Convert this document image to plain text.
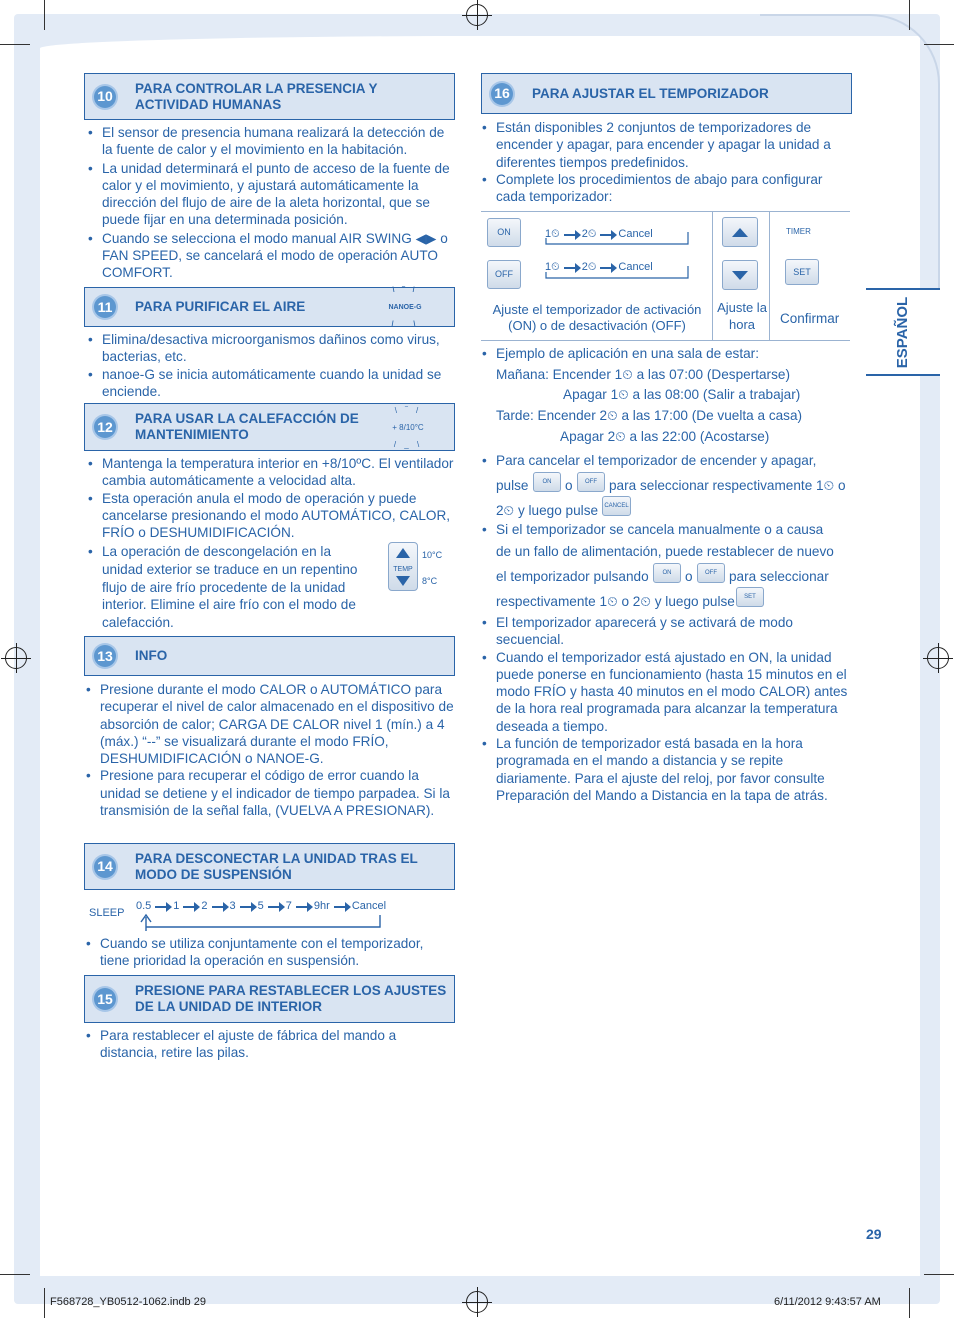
ESPAÑOL
10	PARA CONTROLAR LA PRESENCIA Y ACTIVIDAD HUMANAS
• El sensor de presencia humana realizará la detección de la fuente de calor y el movimiento en la habitación.
• La unidad determinará el punto de acceso de la fuente de calor y el movimiento, y ajustará automáticamente la dirección del flujo de aire de la aleta horizontal, que se puede fijar en una determinada posición.
• Cuando se selecciona el modo manual AIR SWING ◀▶ o FAN SPEED, se cancelará el modo de operación AUTO COMFORT.
11	PARA PURIFICAR EL AIRE
\ ‾ /
NANOE-G
/ _ \
• Elimina/desactiva microorganismos dañinos como virus, bacterias, etc.
• nanoe-G se inicia automáticamente cuando la unidad se enciende.
12	PARA USAR LA CALEFACCIÓN DE MANTENIMIENTO
\ ‾ /
+ 8/10°C
/ _ \
• Mantenga la temperatura interior en +8/10ºC. El ventilador cambia automáticamente a velocidad alta.
• Esta operación anula el modo de operación y puede cancelarse presionando el modo AUTOMÁTICO, CALOR, FRÍO o DESHUMIDIFICACIÓN.
• La operación de descongelación en la unidad exterior se traduce en un repentino flujo de aire frío procedente de la unidad interior. Elimine el aire frío con el modo de calefacción.
TEMP
10°C
8°C
13	INFO
• Presione durante el modo CALOR o AUTOMÁTICO para recuperar el nivel de calor almacenado en el dispositivo de absorción de calor; CARGA DE CALOR nivel 1 (mín.) a 4 (máx.) “--” se visualizará durante el modo FRÍO, DESHUMIDIFICACIÓN o NANOE-G.
• Presione para recuperar el código de error cuando la unidad se detiene y el indicador de tiempo parpadea. Si la transmisión de la señal falla, (VUELVA A PRESIONAR).
14	PARA DESCONECTAR LA UNIDAD TRAS EL MODO DE SUSPENSIÓN
SLEEP
0.5 1 2 3 5 7 9hr Cancel
• Cuando se utiliza conjuntamente con el temporizador, tiene prioridad la operación en suspensión.
15	PRESIONE PARA RESTABLECER LOS AJUSTES DE LA UNIDAD DE INTERIOR
• Para restablecer el ajuste de fábrica del mando a distancia, retire las pilas.
16	PARA AJUSTAR EL TEMPORIZADOR
• Están disponibles 2 conjuntos de temporizadores de encender y apagar, para encender y apagar la unidad a diferentes tiempos predefinidos.
• Complete los procedimientos de abajo para configurar cada temporizador:
ON
OFF
1⏲ 2⏲ Cancel
1⏲ 2⏲ Cancel
Ajuste el temporizador de activación (ON) o de desactivación (OFF)
Ajuste la hora
TIMER
SET
Confirmar
• Ejemplo de aplicación en una sala de estar:
Mañana: Encender 1⏲ a las 07:00 (Despertarse)
Apagar 1⏲ a las 08:00 (Salir a trabajar)
Tarde: Encender 2⏲ a las 17:00 (De vuelta a casa)
Apagar 2⏲ a las 22:00 (Acostarse)
• Para cancelar el temporizador de encender y apagar,
pulse	ON o	OFF para seleccionar respectivamente 1⏲ o
2⏲ y luego pulse	CANCEL
• Si el temporizador se cancela manualmente o a causa
de un fallo de alimentación, puede restablecer de nuevo
el temporizador pulsando	ON o	OFF para seleccionar
respectivamente 1⏲ o 2⏲ y luego pulse	SET
• El temporizador aparecerá y se activará de modo secuencial.
• Cuando el temporizador está ajustado en ON, la unidad puede ponerse en funcionamiento (hasta 15 minutos en el modo FRÍO y hasta 40 minutos en el modo CALOR) antes de la hora real programada para alcanzar la temperatura deseada a tiempo.
• La función de temporizador está basada en la hora programada en el mando a distancia y se repite diariamente. Para el ajuste del reloj, por favor consulte Preparación del Mando a Distancia en la tapa de atrás.
29
F568728_YB0512-1062.indb 29	6/11/2012 9:43:57 AM
